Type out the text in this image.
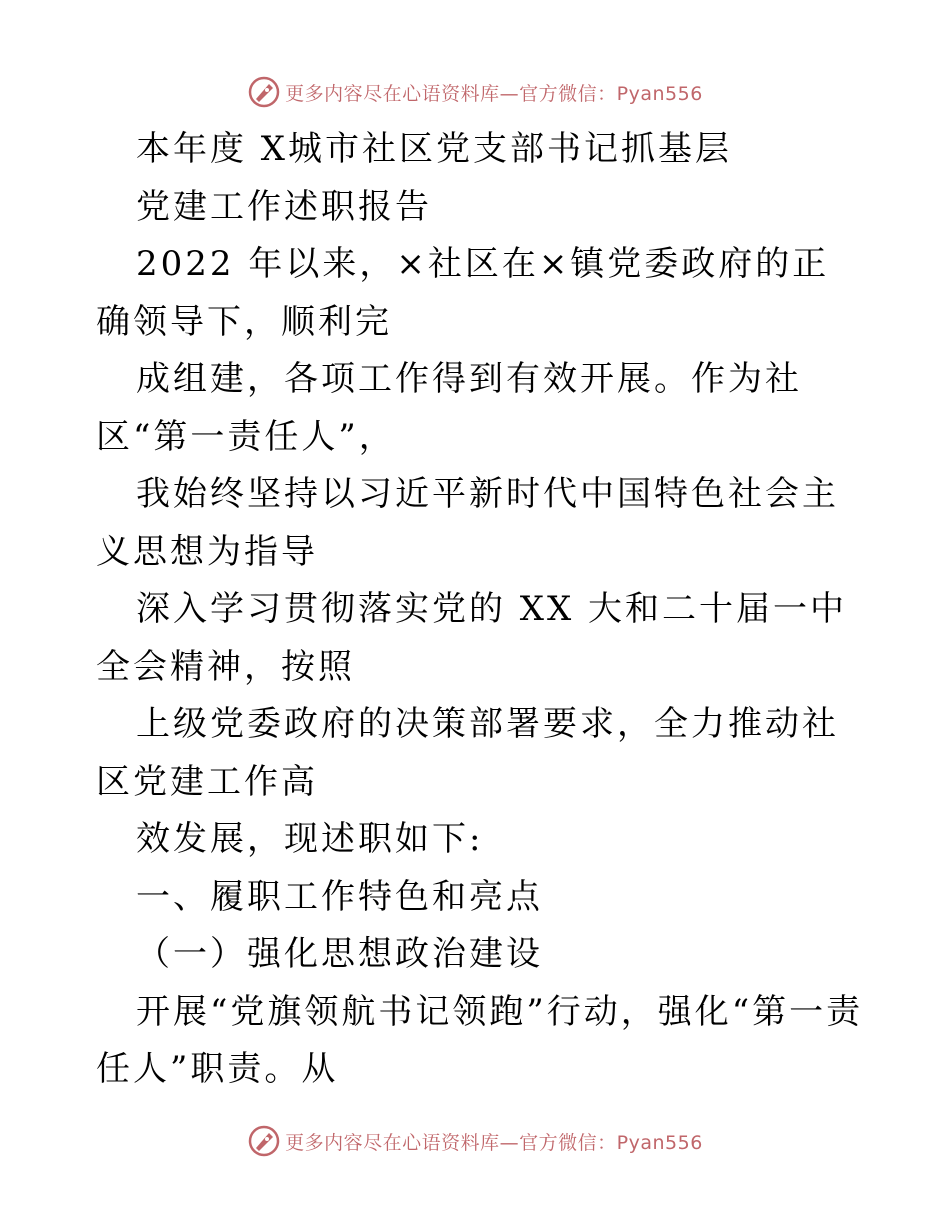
更多内容尽在心语资料库—官方微信：Pyan556

本年度 X城市社区党支部书记抓基层

党建工作述职报告

2022 年以来，×社区在×镇党委政府的正确领导下，顺利完

成组建，各项工作得到有效开展。作为社区“第一责任人”，

我始终坚持以习近平新时代中国特色社会主义思想为指导

深入学习贯彻落实党的 XX 大和二十届一中全会精神，按照

上级党委政府的决策部署要求，全力推动社区党建工作高

效发展，现述职如下:

一、履职工作特色和亮点

（一）强化思想政治建设

开展“党旗领航书记领跑”行动，强化“第一责任人”职责。从

更多内容尽在心语资料库—官方微信：Pyan556
